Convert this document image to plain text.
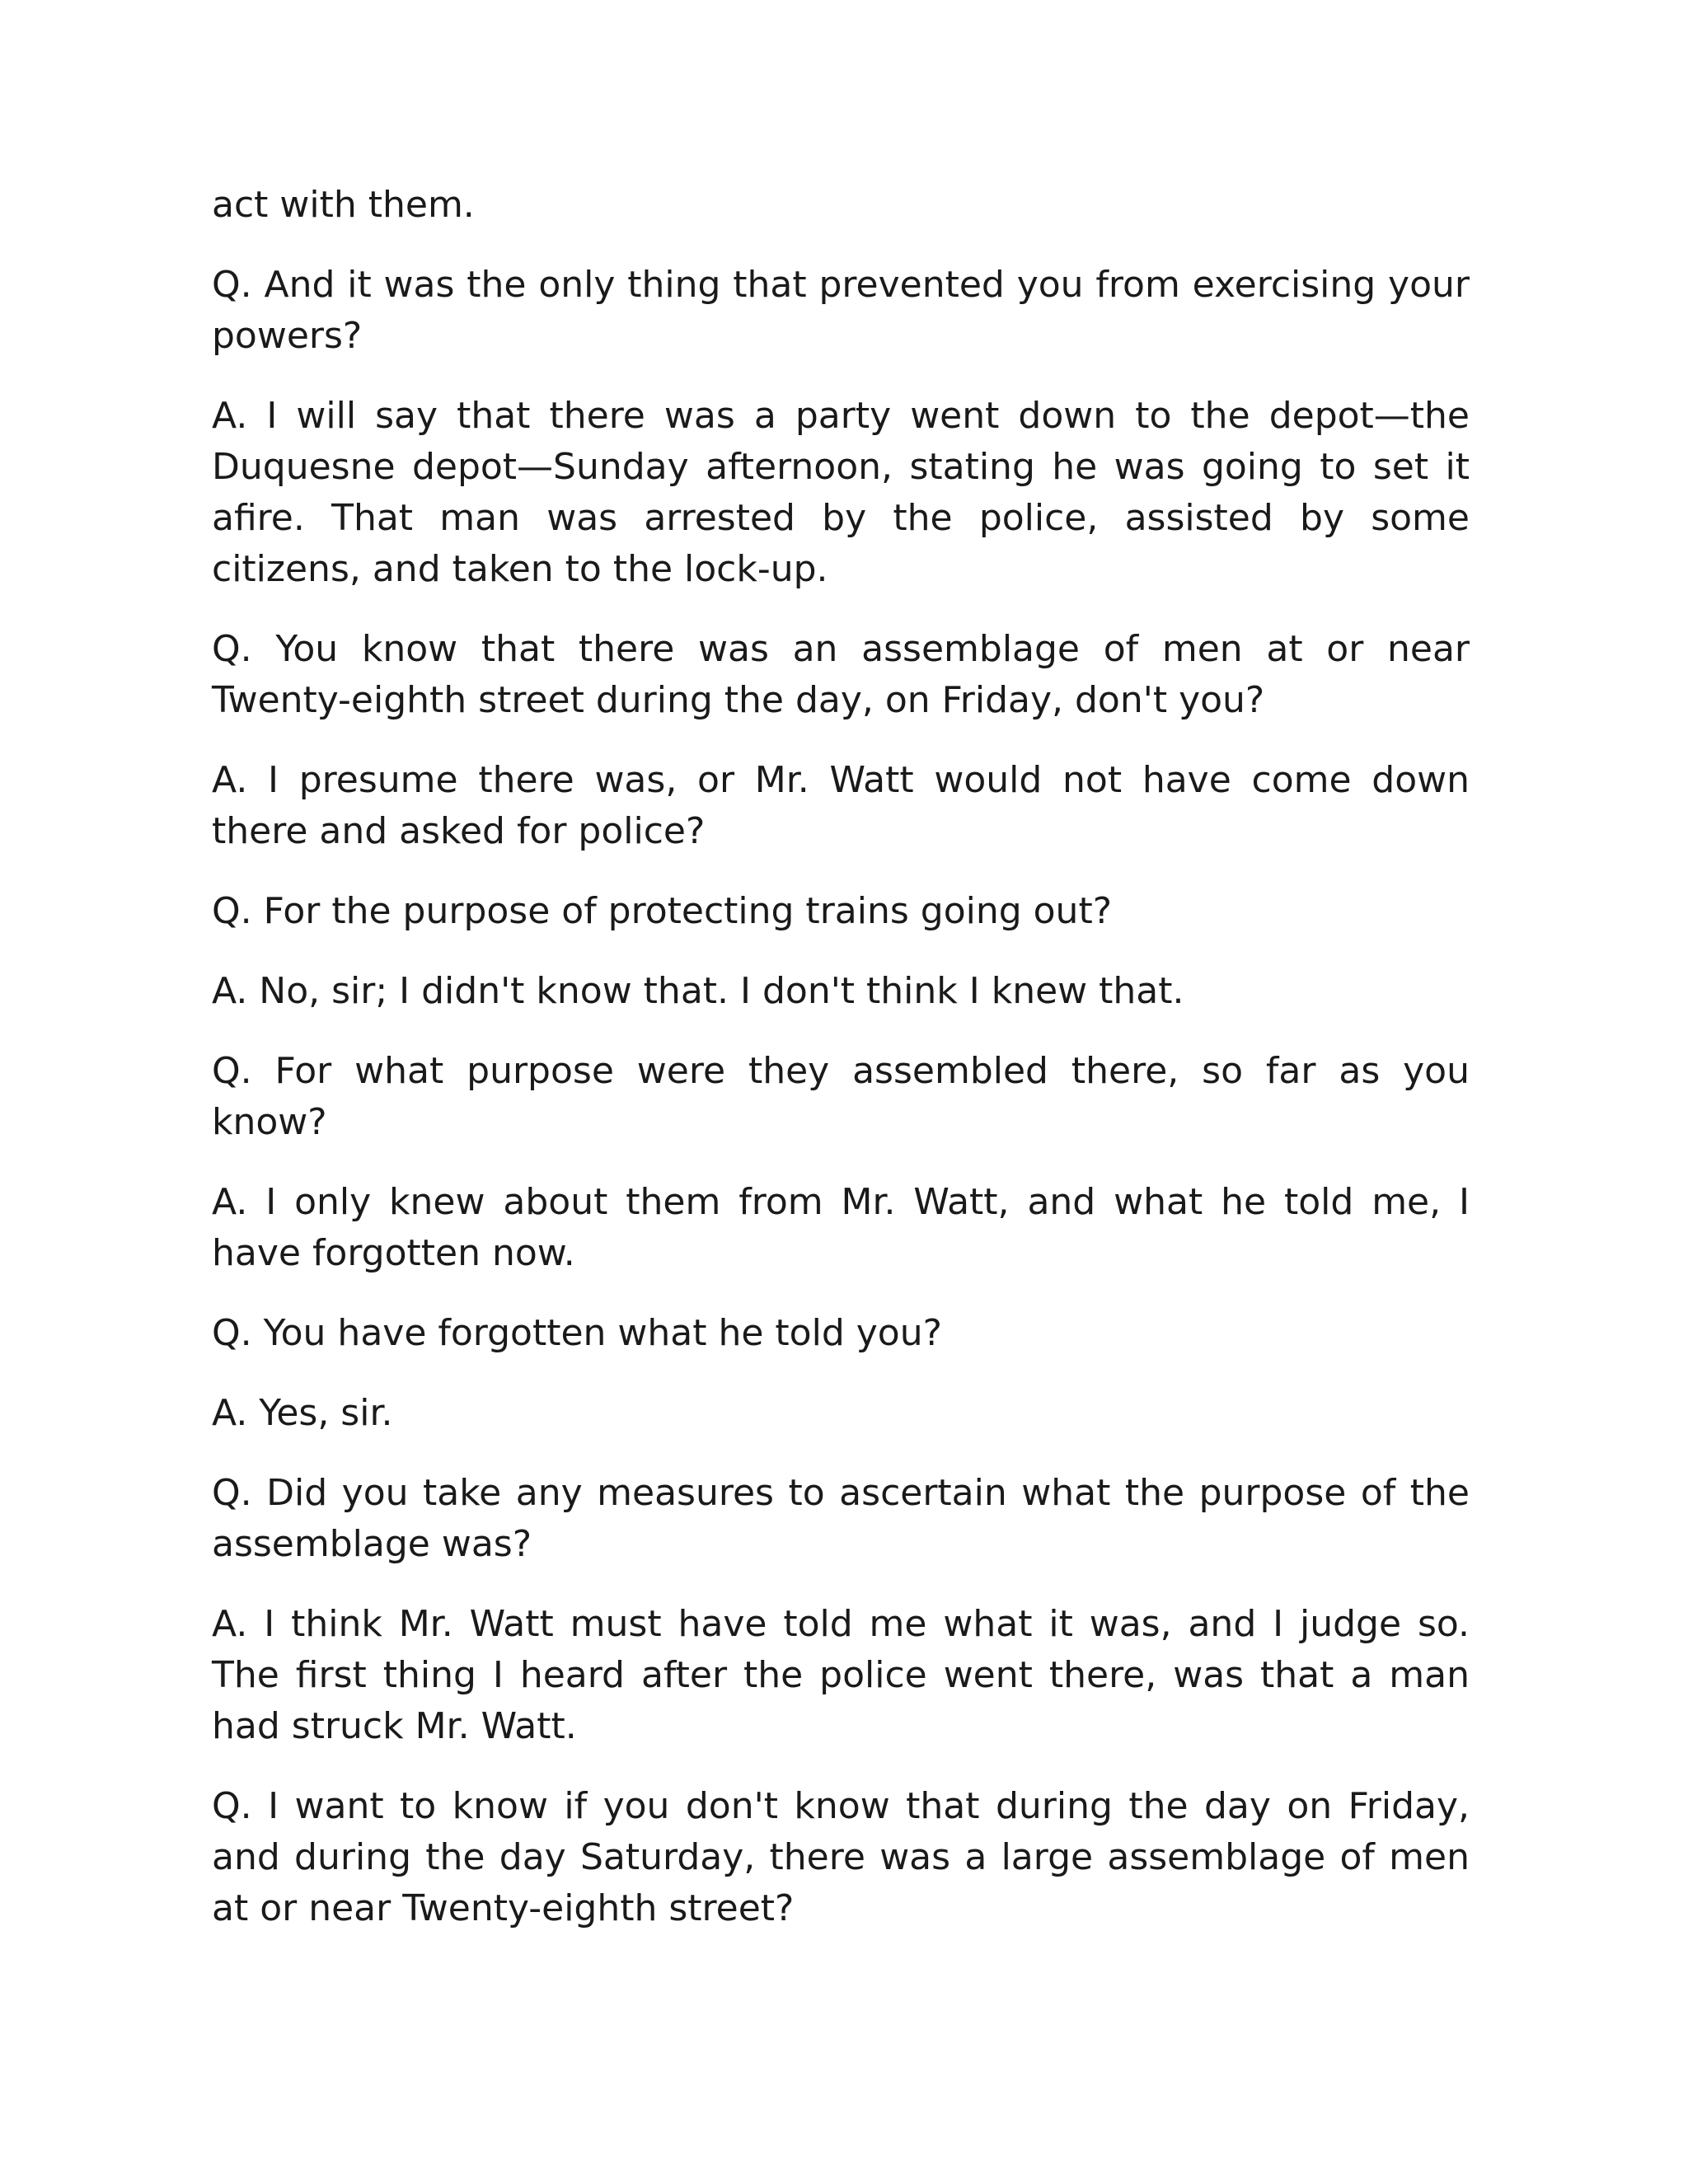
act with them.

Q. And it was the only thing that prevented you from exercising your powers?

A. I will say that there was a party went down to the depot—the Duquesne depot—Sunday afternoon, stating he was going to set it afire. That man was arrested by the police, assisted by some citizens, and taken to the lock-up.

Q. You know that there was an assemblage of men at or near Twenty-eighth street during the day, on Friday, don't you?

A. I presume there was, or Mr. Watt would not have come down there and asked for police?

Q. For the purpose of protecting trains going out?

A. No, sir; I didn't know that. I don't think I knew that.

Q. For what purpose were they assembled there, so far as you know?

A. I only knew about them from Mr. Watt, and what he told me, I have forgotten now.

Q. You have forgotten what he told you?

A. Yes, sir.

Q. Did you take any measures to ascertain what the purpose of the assemblage was?

A. I think Mr. Watt must have told me what it was, and I judge so. The first thing I heard after the police went there, was that a man had struck Mr. Watt.

Q. I want to know if you don't know that during the day on Friday, and during the day Saturday, there was a large assemblage of men at or near Twenty-eighth street?
